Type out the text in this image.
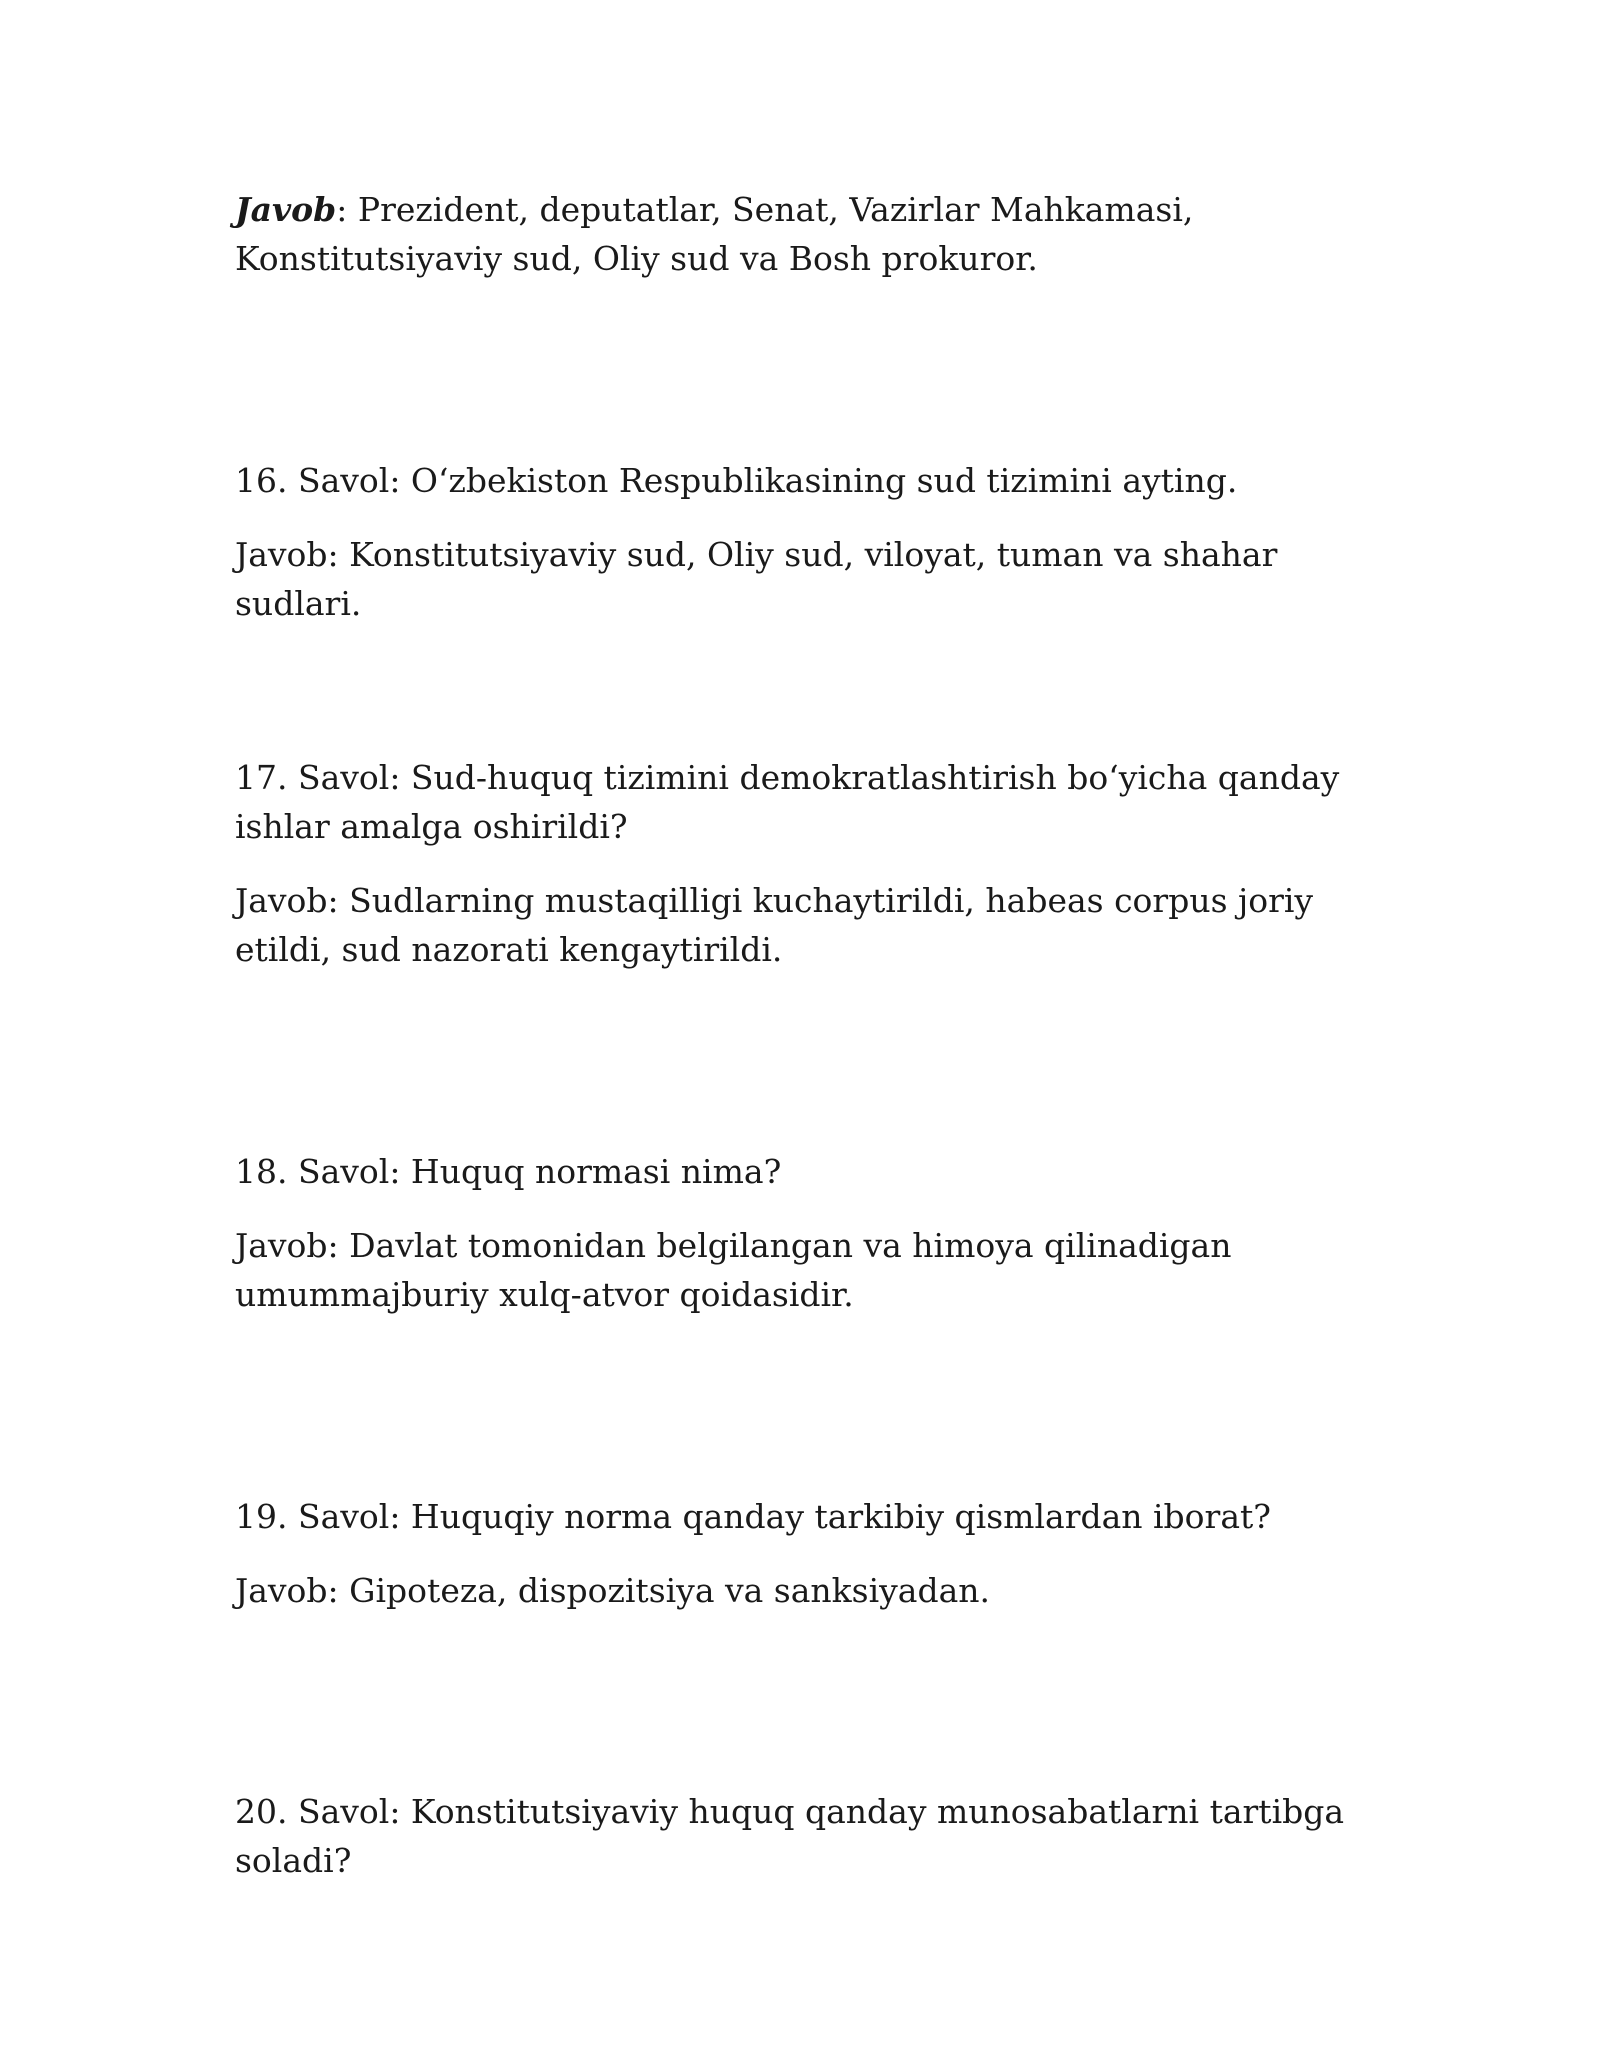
Javob: Prezident, deputatlar, Senat, Vazirlar Mahkamasi, Konstitutsiyaviy sud, Oliy sud va Bosh prokuror.

16. Savol: O‘zbekiston Respublikasining sud tizimini ayting.

Javob: Konstitutsiyaviy sud, Oliy sud, viloyat, tuman va shahar sudlari.

17. Savol: Sud-huquq tizimini demokratlashtirish bo‘yicha qanday ishlar amalga oshirildi?

Javob: Sudlarning mustaqilligi kuchaytirildi, habeas corpus joriy etildi, sud nazorati kengaytirildi.

18. Savol: Huquq normasi nima?

Javob: Davlat tomonidan belgilangan va himoya qilinadigan umummajburiy xulq-atvor qoidasidir.

19. Savol: Huquqiy norma qanday tarkibiy qismlardan iborat?

Javob: Gipoteza, dispozitsiya va sanksiyadan.

20. Savol: Konstitutsiyaviy huquq qanday munosabatlarni tartibga soladi?
